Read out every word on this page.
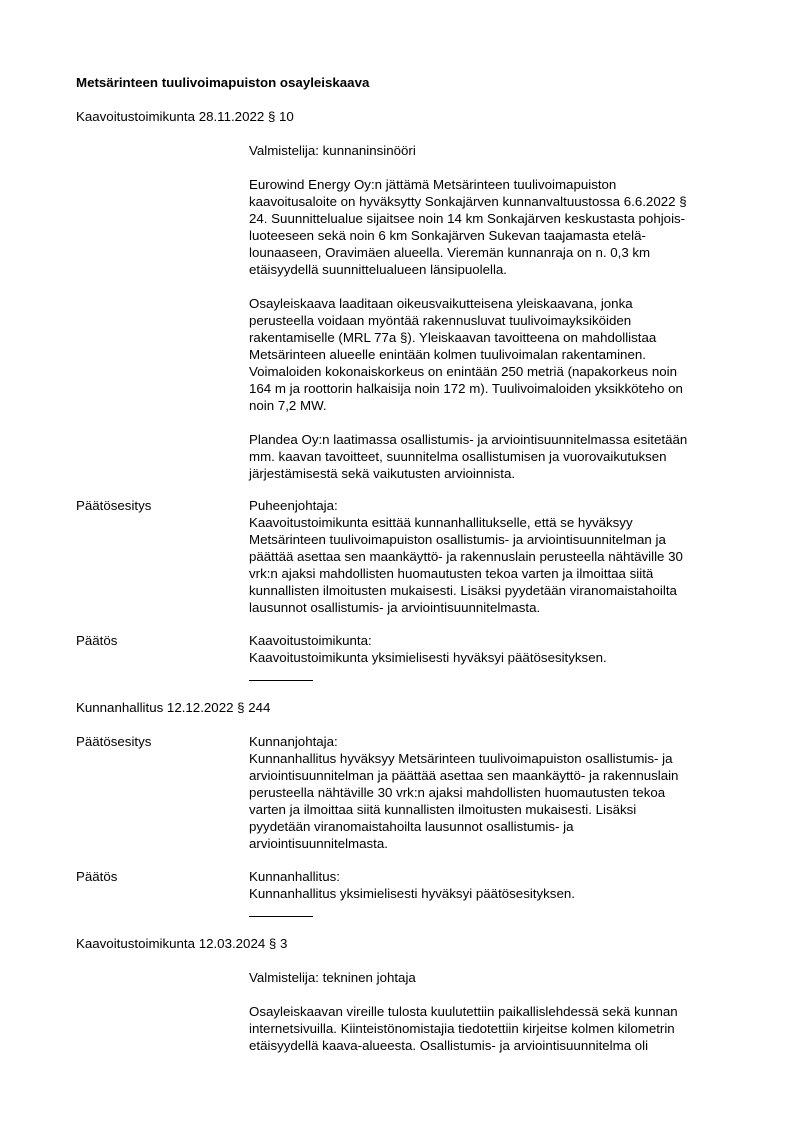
Metsärinteen tuulivoimapuiston osayleiskaava
Kaavoitustoimikunta 28.11.2022 § 10
Valmistelija: kunnaninsinööri

Eurowind Energy Oy:n jättämä Metsärinteen tuulivoimapuiston
kaavoitusaloite on hyväksytty Sonkajärven kunnanvaltuustossa 6.6.2022 §
24. Suunnittelualue sijaitsee noin 14 km Sonkajärven keskustasta pohjois-
luoteeseen sekä noin 6 km Sonkajärven Sukevan taajamasta etelä-
lounaaseen, Oravimäen alueella. Vieremän kunnanraja on n. 0,3 km
etäisyydellä suunnittelualueen länsipuolella.

Osayleiskaava laaditaan oikeusvaikutteisena yleiskaavana, jonka
perusteella voidaan myöntää rakennusluvat tuulivoimayksiköiden
rakentamiselle (MRL 77a §). Yleiskaavan tavoitteena on mahdollistaa
Metsärinteen alueelle enintään kolmen tuulivoimalan rakentaminen.
Voimaloiden kokonaiskorkeus on enintään 250 metriä (napakorkeus noin
164 m ja roottorin halkaisija noin 172 m). Tuulivoimaloiden yksikköteho on
noin 7,2 MW.

Plandea Oy:n laatimassa osallistumis- ja arviointisuunnitelmassa esitetään
mm. kaavan tavoitteet, suunnitelma osallistumisen ja vuorovaikutuksen
järjestämisestä sekä vaikutusten arvioinnista.

Päätösesitys	Puheenjohtaja:
Kaavoitustoimikunta esittää kunnanhallitukselle, että se hyväksyy
Metsärinteen tuulivoimapuiston osallistumis- ja arviointisuunnitelman ja
päättää asettaa sen maankäyttö- ja rakennuslain perusteella nähtäville 30
vrk:n ajaksi mahdollisten huomautusten tekoa varten ja ilmoittaa siitä
kunnallisten ilmoitusten mukaisesti. Lisäksi pyydetään viranomaistahoilta
lausunnot osallistumis- ja arviointisuunnitelmasta.
Päätös	Kaavoitustoimikunta:
Kaavoitustoimikunta yksimielisesti hyväksyi päätösesityksen.
Kunnanhallitus 12.12.2022 § 244
Päätösesitys	Kunnanjohtaja:
Kunnanhallitus hyväksyy Metsärinteen tuulivoimapuiston osallistumis- ja
arviointisuunnitelman ja päättää asettaa sen maankäyttö- ja rakennuslain
perusteella nähtäville 30 vrk:n ajaksi mahdollisten huomautusten tekoa
varten ja ilmoittaa siitä kunnallisten ilmoitusten mukaisesti. Lisäksi
pyydetään viranomaistahoilta lausunnot osallistumis- ja
arviointisuunnitelmasta.
Päätös	Kunnanhallitus:
Kunnanhallitus yksimielisesti hyväksyi päätösesityksen.
Kaavoitustoimikunta 12.03.2024 § 3
Valmistelija: tekninen johtaja

Osayleiskaavan vireille tulosta kuulutettiin paikallislehdessä sekä kunnan
internetsivuilla. Kiinteistönomistajia tiedotettiin kirjeitse kolmen kilometrin
etäisyydellä kaava-alueesta. Osallistumis- ja arviointisuunnitelma oli
